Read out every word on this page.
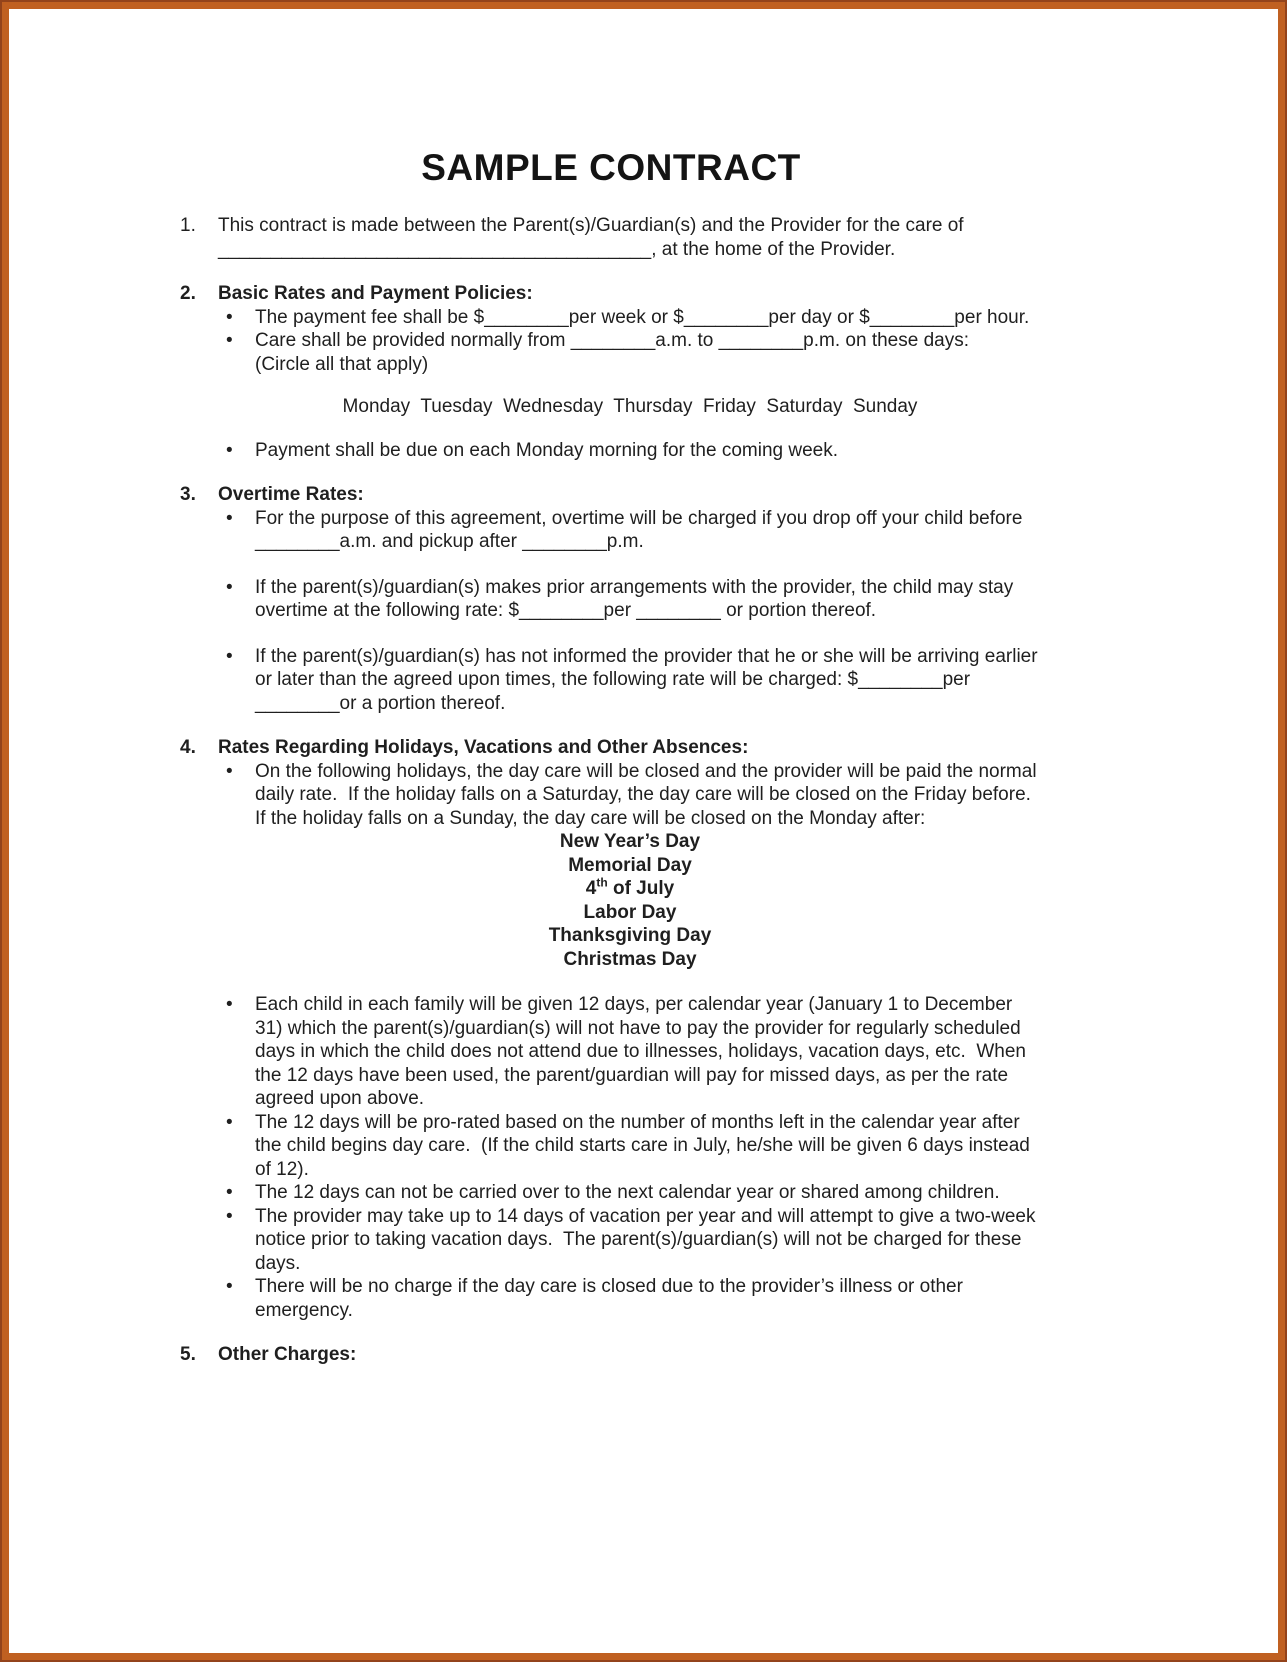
SAMPLE CONTRACT
1.	This contract is made between the Parent(s)/Guardian(s) and the Provider for the care of
_________________________________________, at the home of the Provider.
2.	Basic Rates and Payment Policies:
• The payment fee shall be $________per week or $________per day or $________per hour.
• Care shall be provided normally from ________a.m. to ________p.m. on these days:
(Circle all that apply)
Monday  Tuesday  Wednesday  Thursday  Friday  Saturday  Sunday
• Payment shall be due on each Monday morning for the coming week.
3.	Overtime Rates:
• For the purpose of this agreement, overtime will be charged if you drop off your child before ________a.m. and pickup after ________p.m.
• If the parent(s)/guardian(s) makes prior arrangements with the provider, the child may stay overtime at the following rate: $________per ________ or portion thereof.
• If the parent(s)/guardian(s) has not informed the provider that he or she will be arriving earlier or later than the agreed upon times, the following rate will be charged: $________per ________or a portion thereof.
4.	Rates Regarding Holidays, Vacations and Other Absences:
• On the following holidays, the day care will be closed and the provider will be paid the normal daily rate.  If the holiday falls on a Saturday, the day care will be closed on the Friday before.  If the holiday falls on a Sunday, the day care will be closed on the Monday after:
New Year’s Day
Memorial Day
4th of July
Labor Day
Thanksgiving Day
Christmas Day
• Each child in each family will be given 12 days, per calendar year (January 1 to December 31) which the parent(s)/guardian(s) will not have to pay the provider for regularly scheduled days in which the child does not attend due to illnesses, holidays, vacation days, etc.  When the 12 days have been used, the parent/guardian will pay for missed days, as per the rate agreed upon above.
• The 12 days will be pro-rated based on the number of months left in the calendar year after the child begins day care.  (If the child starts care in July, he/she will be given 6 days instead of 12).
• The 12 days can not be carried over to the next calendar year or shared among children.
• The provider may take up to 14 days of vacation per year and will attempt to give a two-week notice prior to taking vacation days.  The parent(s)/guardian(s) will not be charged for these days.
• There will be no charge if the day care is closed due to the provider’s illness or other emergency.
5.	Other Charges:
